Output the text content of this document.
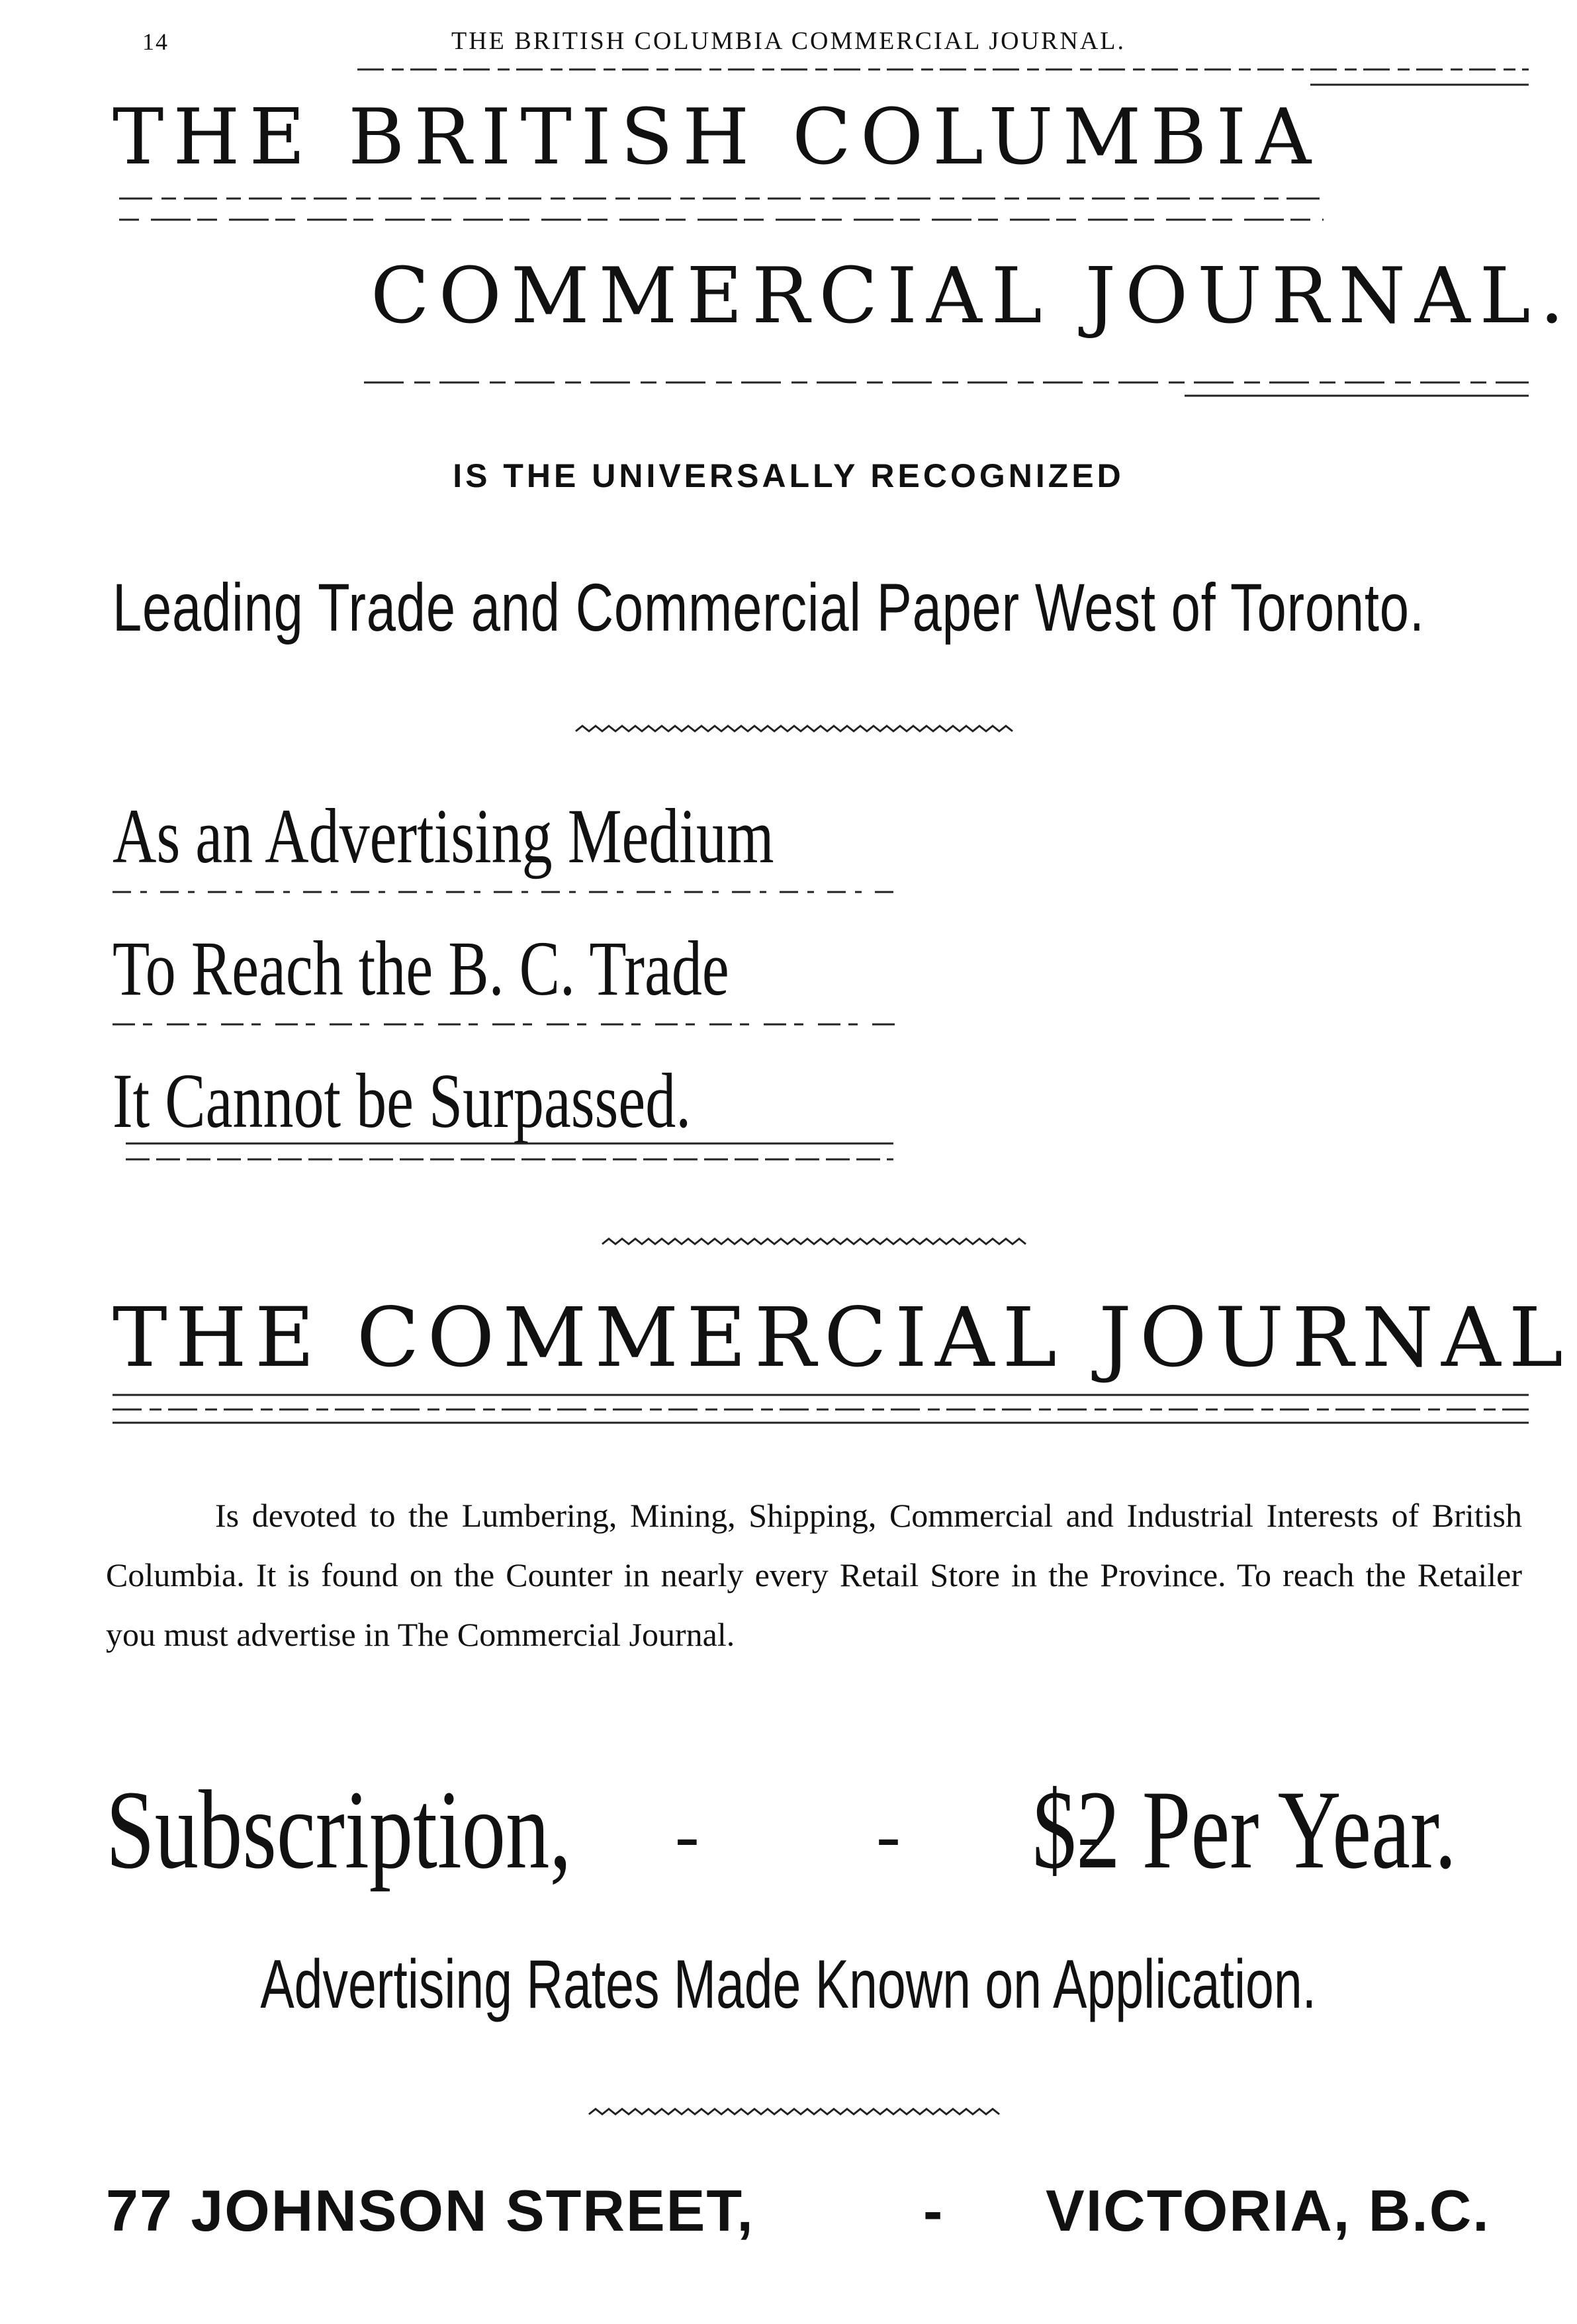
14	THE BRITISH COLUMBIA COMMERCIAL JOURNAL.
THE BRITISH COLUMBIA
COMMERCIAL JOURNAL.
IS THE UNIVERSALLY RECOGNIZED
Leading Trade and Commercial Paper West of Toronto.
As an Advertising Medium
To Reach the B. C. Trade
It Cannot be Surpassed.
THE COMMERCIAL JOURNAL
Is devoted to the Lumbering, Mining, Shipping, Commercial and Industrial Interests of British Columbia. It is found on the Counter in nearly every Retail Store in the Province. To reach the Retailer you must advertise in The Commercial Journal.
Subscription, - - -
$2 Per Year.
Advertising Rates Made Known on Application.
77 JOHNSON STREET,	- VICTORIA, B.C.
